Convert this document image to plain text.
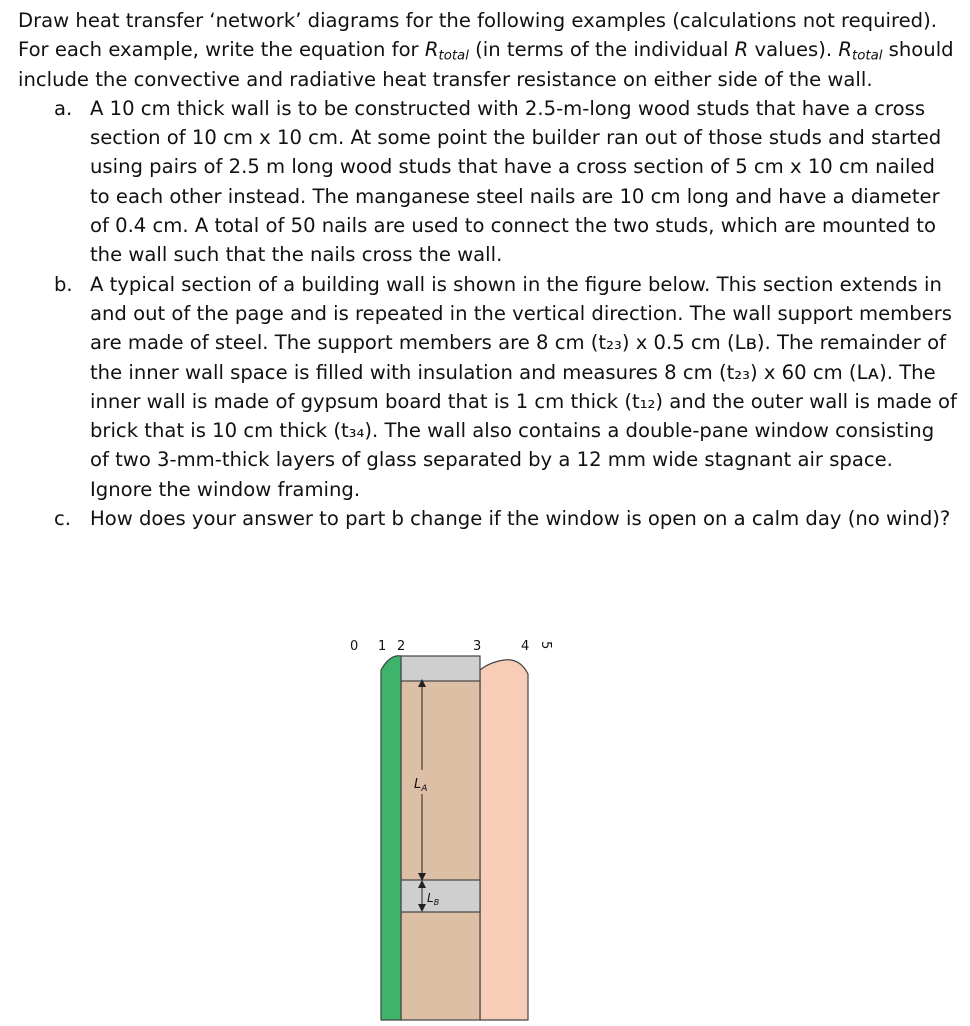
Draw heat transfer ‘network’ diagrams for the following examples (calculations not required). For each example, write the equation for $R_{total}$ (in terms of the individual R values). $R_{total}$ should include the convective and radiative heat transfer resistance on either side of the wall.

a. A 10 cm thick wall is to be constructed with 2.5-m-long wood studs that have a cross section of 10 cm x 10 cm. At some point the builder ran out of those studs and started using pairs of 2.5 m long wood studs that have a cross section of 5 cm x 10 cm nailed to each other instead. The manganese steel nails are 10 cm long and have a diameter of 0.4 cm. A total of 50 nails are used to connect the two studs, which are mounted to the wall such that the nails cross the wall.
b. A typical section of a building wall is shown in the figure below. This section extends in and out of the page and is repeated in the vertical direction. The wall support members are made of steel. The support members are 8 cm (t₂₃) x 0.5 cm (Lʙ). The remainder of the inner wall space is filled with insulation and measures 8 cm (t₂₃) x 60 cm (Lᴀ). The inner wall is made of gypsum board that is 1 cm thick (t₁₂) and the outer wall is made of brick that is 10 cm thick (t₃₄). The wall also contains a double-pane window consisting of two 3-mm-thick layers of glass separated by a 12 mm wide stagnant air space. Ignore the window framing.
c. How does your answer to part b change if the window is open on a calm day (no wind)?
0 1 2	3	4 5
$L_A$
$L_B$
